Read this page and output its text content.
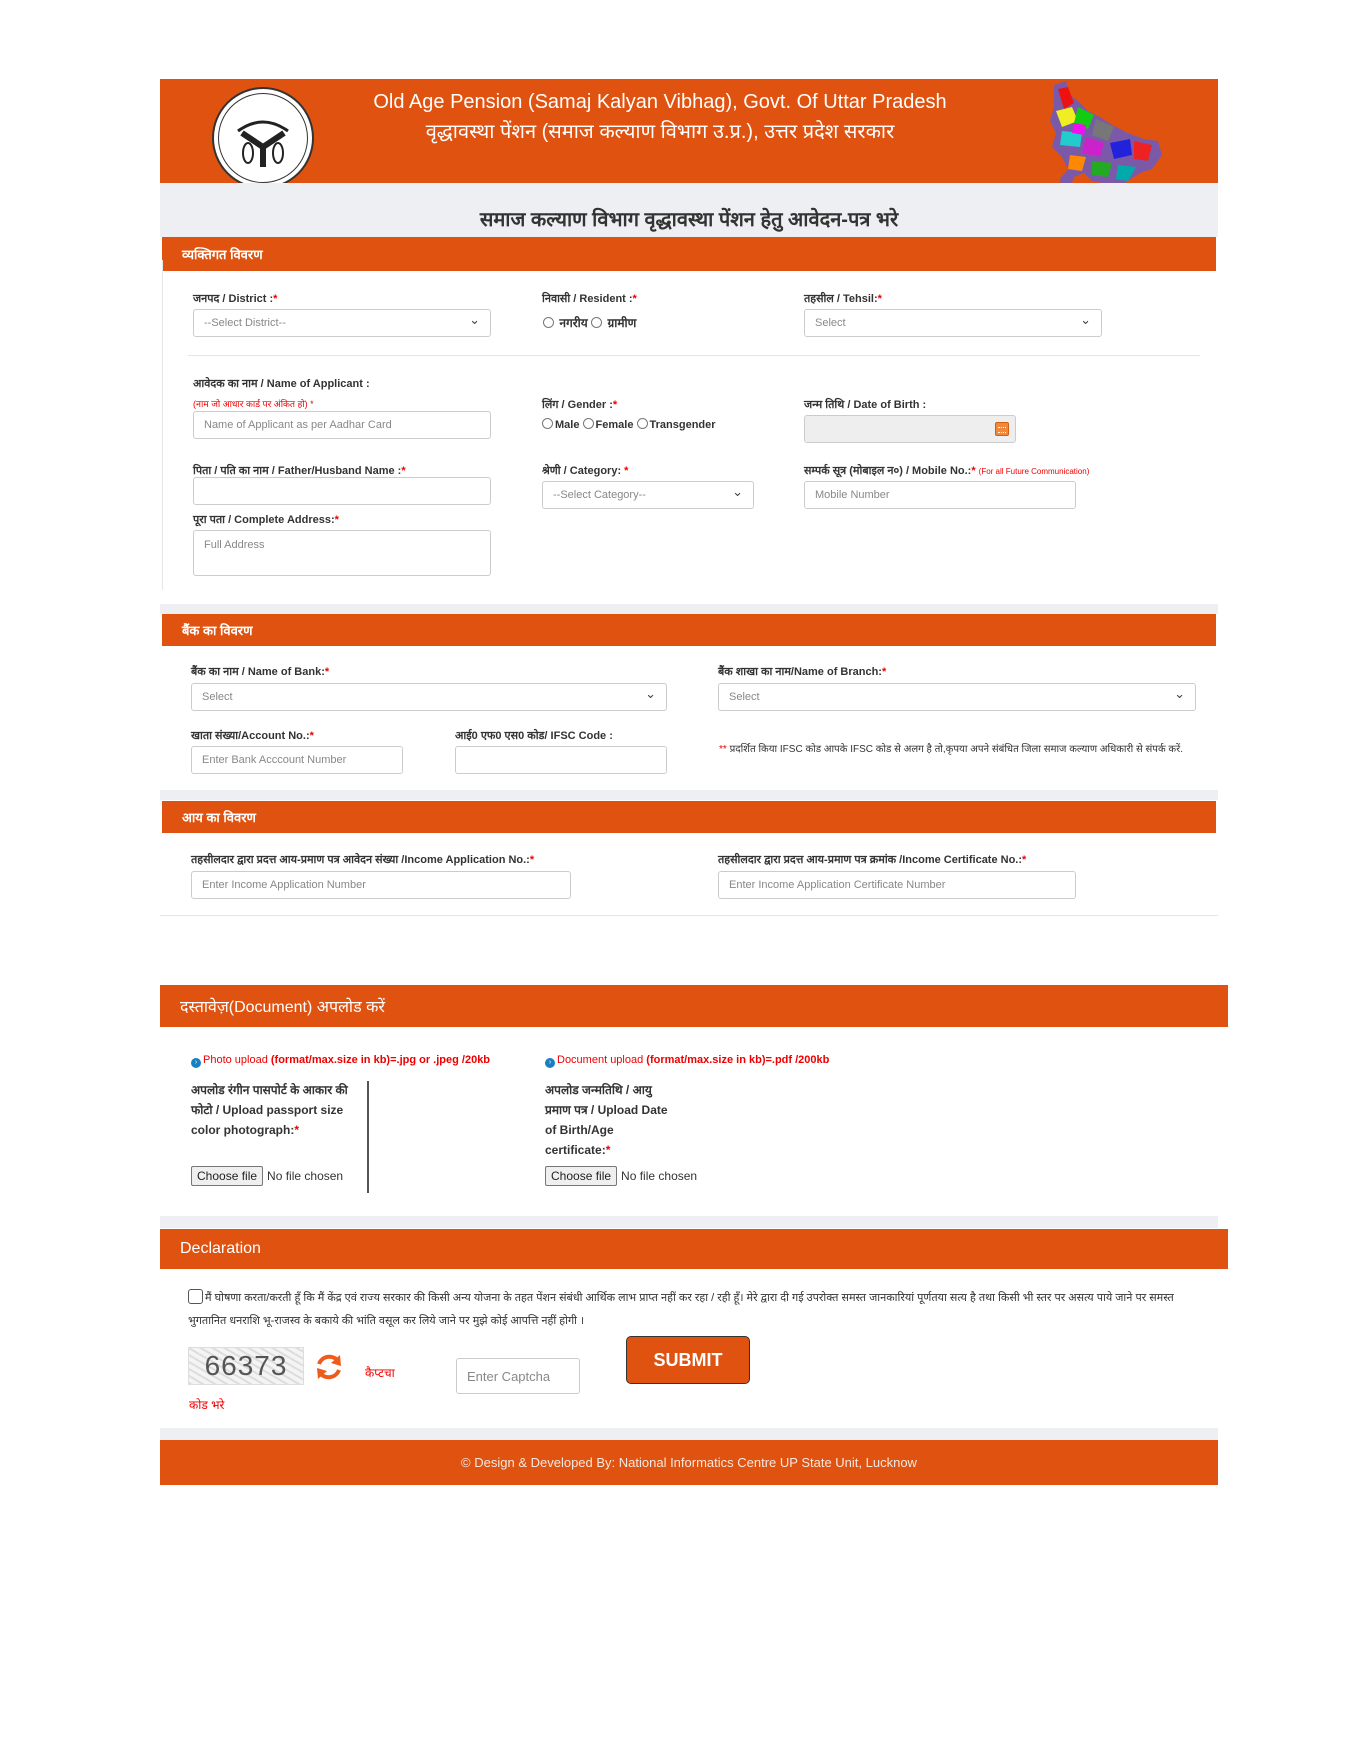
Old Age Pension (Samaj Kalyan Vibhag), Govt. Of Uttar Pradesh
वृद्धावस्था पेंशन (समाज कल्याण विभाग उ.प्र.), उत्तर प्रदेश सरकार
समाज कल्याण विभाग वृद्धावस्था पेंशन हेतु आवेदन-पत्र भरे
व्यक्तिगत विवरण
जनपद / District :*
--Select District--
⌄
निवासी / Resident :*
नगरीय ग्रामीण
तहसील / Tehsil:*
Select
⌄
आवेदक का नाम / Name of Applicant :
(नाम जो आधार कार्ड पर अंकित हो) *
Name of Applicant as per Aadhar Card
लिंग / Gender :*
Male Female Transgender
जन्म तिथि / Date of Birth :
पिता / पति का नाम / Father/Husband Name :*	श्रेणी / Category: *
--Select Category--
⌄
सम्पर्क सूत्र (मोबाइल न०) / Mobile No.:* (For all Future Communication)
Mobile Number
पूरा पता / Complete Address:*
Full Address
बैंक का विवरण
बैंक का नाम / Name of Bank:*
Select
⌄
बैंक शाखा का नाम/Name of Branch:*
Select
⌄
खाता संख्या/Account No.:*
Enter Bank Acccount Number
आई0 एफ0 एस0 कोड/ IFSC Code :
** प्रदर्शित किया IFSC कोड आपके IFSC कोड से अलग है तो,कृपया अपने संबंधित जिला समाज कल्याण अधिकारी से संपर्क करें.
आय का विवरण
तहसीलदार द्वारा प्रदत्त आय-प्रमाण पत्र आवेदन संख्या /Income Application No.:*
Enter Income Application Number
तहसीलदार द्वारा प्रदत्त आय-प्रमाण पत्र क्रमांक /Income Certificate No.:*
Enter Income Application Certificate Number
दस्तावेज़(Document) अपलोड करें
› Photo upload (format/max.size in kb)=.jpg or .jpeg /20kb
अपलोड रंगीन पासपोर्ट के आकार की फोटो / Upload passport size color photograph:*
Choose file No file chosen
› Document upload (format/max.size in kb)=.pdf /200kb
अपलोड जन्मतिथि / आयु प्रमाण पत्र / Upload Date of Birth/Age certificate:*
Choose file No file chosen
Declaration
मैं घोषणा करता/करती हूँ कि मैं केंद्र एवं राज्य सरकार की किसी अन्य योजना के तहत पेंशन संबंधी आर्थिक लाभ प्राप्त नहीं कर रहा / रही हूँ। मेरे द्वारा दी गई उपरोक्त समस्त जानकारियां पूर्णतया सत्य है तथा किसी भी स्तर पर असत्य पाये जाने पर समस्त भुगतानित धनराशि भू-राजस्व के बकाये की भांति वसूल कर लिये जाने पर मुझे कोई आपत्ति नहीं होगी ।
66373	कैप्टचा
कोड भरे
Enter Captcha
SUBMIT
© Design & Developed By: National Informatics Centre UP State Unit, Lucknow
